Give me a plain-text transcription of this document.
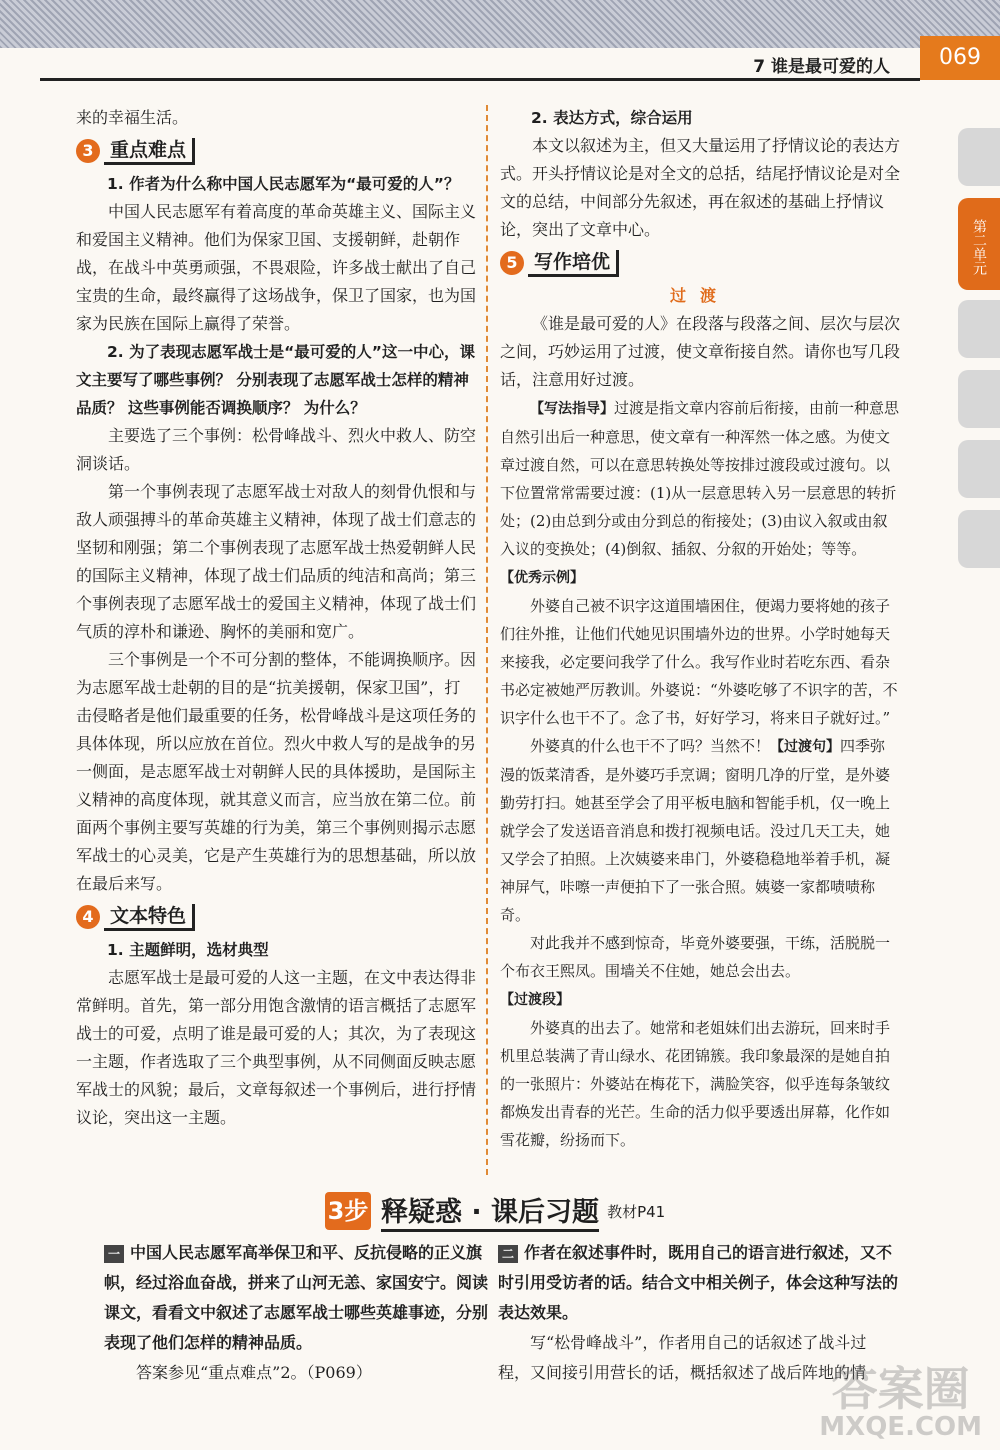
7 谁是最可爱的人	069
第二单元

来的幸福生活。

3 重点难点

1. 作者为什么称中国人民志愿军为“最可爱的人”？

中国人民志愿军有着高度的革命英雄主义、国际主义和爱国主义精神。他们为保家卫国、支援朝鲜，赴朝作战，在战斗中英勇顽强，不畏艰险，许多战士献出了自己宝贵的生命，最终赢得了这场战争，保卫了国家，也为国家为民族在国际上赢得了荣誉。

2. 为了表现志愿军战士是“最可爱的人”这一中心，课文主要写了哪些事例？ 分别表现了志愿军战士怎样的精神品质？ 这些事例能否调换顺序？ 为什么？

主要选了三个事例：松骨峰战斗、烈火中救人、防空洞谈话。

第一个事例表现了志愿军战士对敌人的刻骨仇恨和与敌人顽强搏斗的革命英雄主义精神，体现了战士们意志的坚韧和刚强；第二个事例表现了志愿军战士热爱朝鲜人民的国际主义精神，体现了战士们品质的纯洁和高尚；第三个事例表现了志愿军战士的爱国主义精神，体现了战士们气质的淳朴和谦逊、胸怀的美丽和宽广。

三个事例是一个不可分割的整体，不能调换顺序。因为志愿军战士赴朝的目的是“抗美援朝，保家卫国”，打击侵略者是他们最重要的任务，松骨峰战斗是这项任务的具体体现，所以应放在首位。烈火中救人写的是战争的另一侧面，是志愿军战士对朝鲜人民的具体援助，是国际主义精神的高度体现，就其意义而言，应当放在第二位。前面两个事例主要写英雄的行为美，第三个事例则揭示志愿军战士的心灵美，它是产生英雄行为的思想基础，所以放在最后来写。

4 文本特色

1. 主题鲜明，选材典型

志愿军战士是最可爱的人这一主题，在文中表达得非常鲜明。首先，第一部分用饱含激情的语言概括了志愿军战士的可爱，点明了谁是最可爱的人；其次，为了表现这一主题，作者选取了三个典型事例，从不同侧面反映志愿军战士的风貌；最后，文章每叙述一个事例后，进行抒情议论，突出这一主题。

2. 表达方式，综合运用

本文以叙述为主，但又大量运用了抒情议论的表达方式。开头抒情议论是对全文的总括，结尾抒情议论是对全文的总结，中间部分先叙述，再在叙述的基础上抒情议论，突出了文章中心。

5 写作培优

过渡

《谁是最可爱的人》在段落与段落之间、层次与层次之间，巧妙运用了过渡，使文章衔接自然。请你也写几段话，注意用好过渡。

【写法指导】过渡是指文章内容前后衔接，由前一种意思自然引出后一种意思，使文章有一种浑然一体之感。为使文章过渡自然，可以在意思转换处等按排过渡段或过渡句。以下位置常常需要过渡：(1)从一层意思转入另一层意思的转折处；(2)由总到分或由分到总的衔接处；(3)由议入叙或由叙入议的变换处；(4)倒叙、插叙、分叙的开始处；等等。

【优秀示例】

外婆自己被不识字这道围墙困住，便竭力要将她的孩子们往外推，让他们代她见识围墙外边的世界。小学时她每天来接我，必定要问我学了什么。我写作业时若吃东西、看杂书必定被她严厉教训。外婆说：“外婆吃够了不识字的苦，不识字什么也干不了。念了书，好好学习，将来日子就好过。”

外婆真的什么也干不了吗？当然不！【过渡句】四季弥漫的饭菜清香，是外婆巧手烹调；窗明几净的厅堂，是外婆勤劳打扫。她甚至学会了用平板电脑和智能手机，仅一晚上就学会了发送语音消息和拨打视频电话。没过几天工夫，她又学会了拍照。上次姨婆来串门，外婆稳稳地举着手机，凝神屏气，咔嚓一声便拍下了一张合照。姨婆一家都啧啧称奇。

对此我并不感到惊奇，毕竟外婆要强，干练，活脱脱一个布衣王熙凤。围墙关不住她，她总会出去。

【过渡段】

外婆真的出去了。她常和老姐妹们出去游玩，回来时手机里总装满了青山绿水、花团锦簇。我印象最深的是她自拍的一张照片：外婆站在梅花下，满脸笑容，似乎连每条皱纹都焕发出青春的光芒。生命的活力似乎要透出屏幕，化作如雪花瓣，纷扬而下。

3步 释疑惑 · 课后习题 教材P41

一 中国人民志愿军高举保卫和平、反抗侵略的正义旗帜，经过浴血奋战，拼来了山河无恙、家国安宁。阅读课文，看看文中叙述了志愿军战士哪些英雄事迹，分别表现了他们怎样的精神品质。

答案参见“重点难点”2。（P069）

二 作者在叙述事件时，既用自己的语言进行叙述，又不时引用受访者的话。结合文中相关例子，体会这种写法的表达效果。

写“松骨峰战斗”，作者用自己的话叙述了战斗过程，又间接引用营长的话，概括叙述了战后阵地的情

答案圈
MXQE.COM
